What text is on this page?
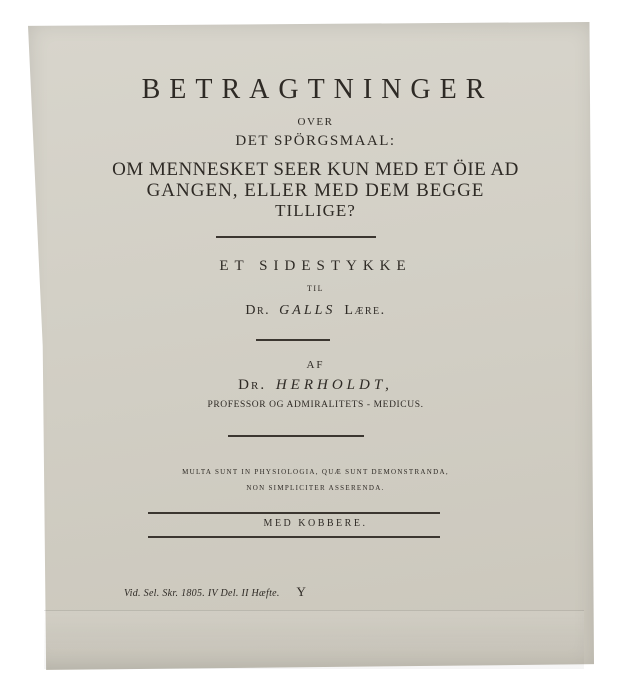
BETRAGTNINGER
OVER
DET SPÖRGSMAAL:
OM MENNESKET SEER KUN MED ET ÖIE AD
GANGEN, ELLER MED DEM BEGGE
TILLIGE?
ET SIDESTYKKE
TIL
Dr. GALLS Lære.
AF
Dr. HERHOLDT,
PROFESSOR OG ADMIRALITETS - MEDICUS.
MULTA SUNT IN PHYSIOLOGIA, QUÆ SUNT DEMONSTRANDA,
NON SIMPLICITER ASSERENDA.
MED KOBBERE.
Vid. Sel. Skr. 1805. IV Del. II Hæfte. Y
